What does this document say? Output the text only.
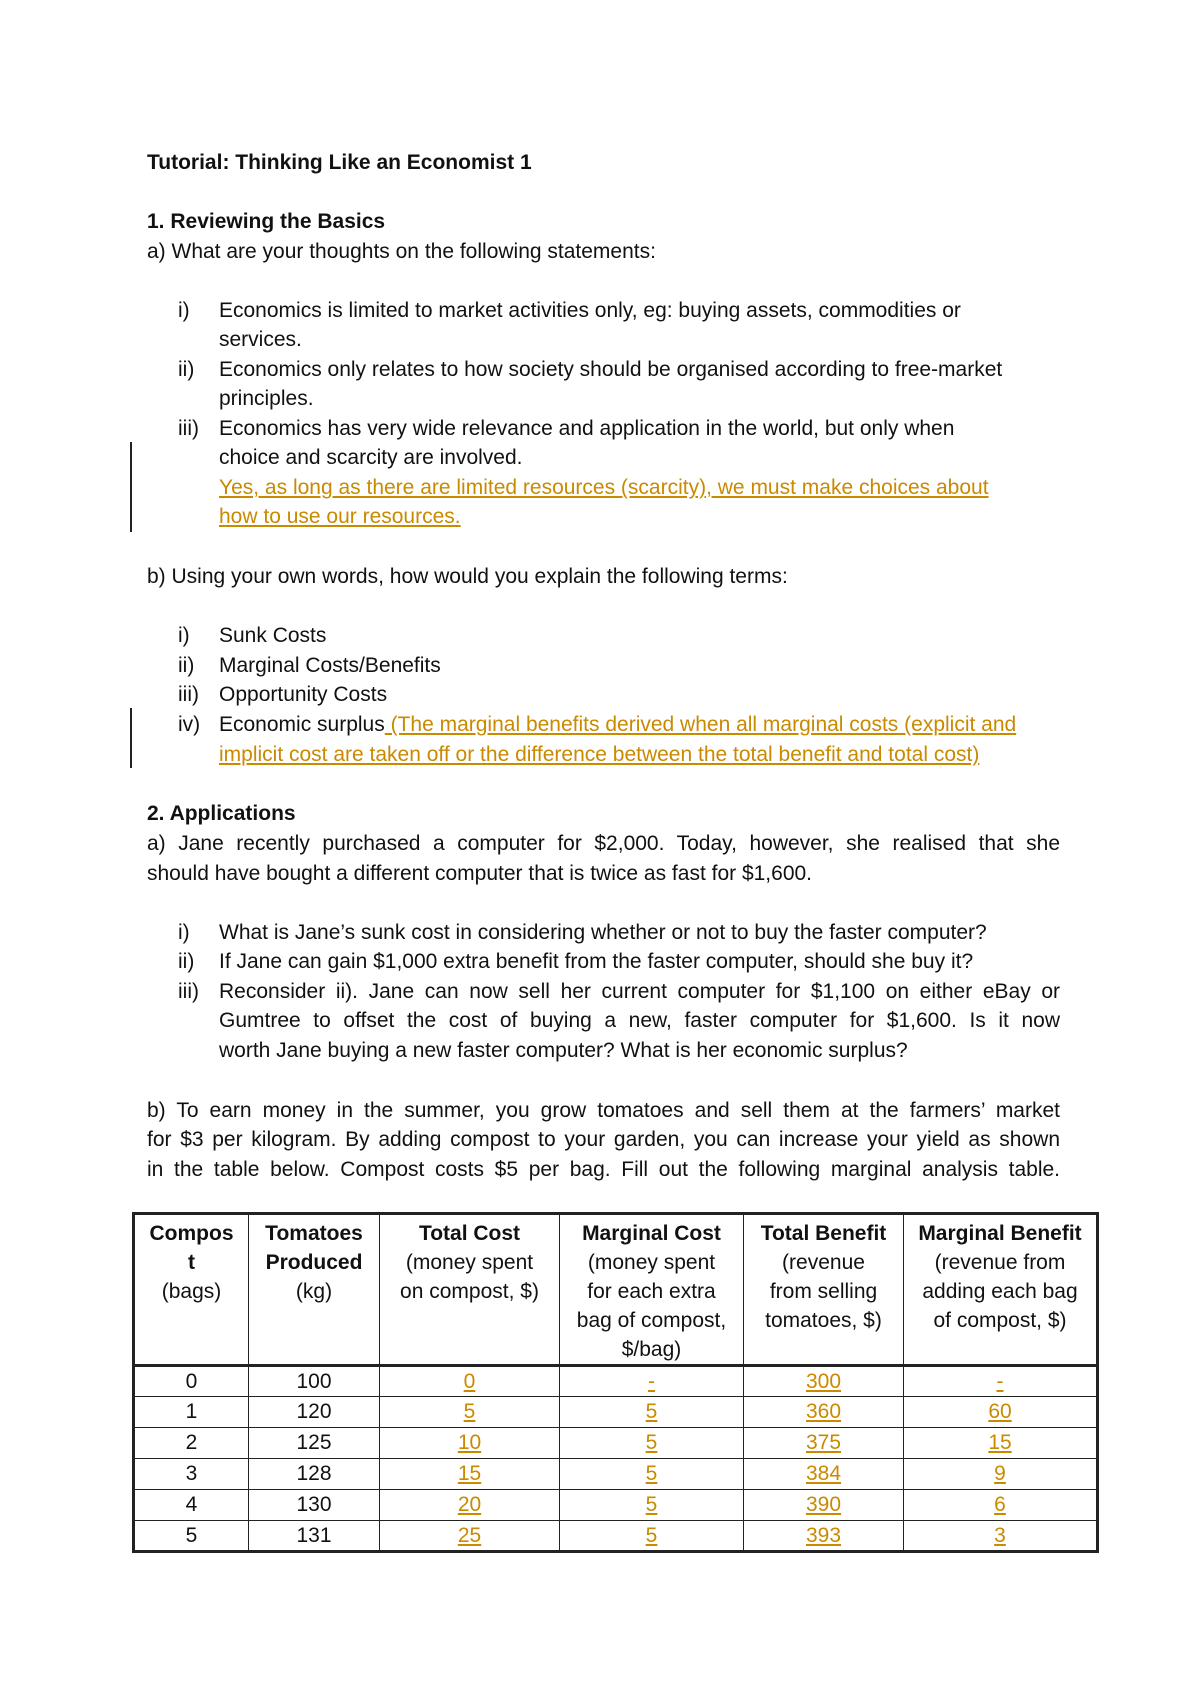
Tutorial: Thinking Like an Economist 1
1. Reviewing the Basics
a) What are your thoughts on the following statements:
i) Economics is limited to market activities only, eg: buying assets, commodities or
services.
ii) Economics only relates to how society should be organised according to free-market
principles.
iii) Economics has very wide relevance and application in the world, but only when
choice and scarcity are involved.
Yes, as long as there are limited resources (scarcity), we must make choices about
how to use our resources.
b) Using your own words, how would you explain the following terms:
i) Sunk Costs
ii) Marginal Costs/Benefits
iii) Opportunity Costs
iv) Economic surplus (The marginal benefits derived when all marginal costs (explicit and
implicit cost are taken off or the difference between the total benefit and total cost)
2. Applications
a) Jane recently purchased a computer for $2,000. Today, however, she realised that she
should have bought a different computer that is twice as fast for $1,600.
i) What is Jane’s sunk cost in considering whether or not to buy the faster computer?
ii) If Jane can gain $1,000 extra benefit from the faster computer, should she buy it?
iii) Reconsider ii). Jane can now sell her current computer for $1,100 on either eBay or
Gumtree to offset the cost of buying a new, faster computer for $1,600. Is it now
worth Jane buying a new faster computer? What is her economic surplus?
b) To earn money in the summer, you grow tomatoes and sell them at the farmers’ market
for $3 per kilogram. By adding compost to your garden, you can increase your yield as shown
in the table below. Compost costs $5 per bag. Fill out the following marginal analysis table.
Compos
t
(bags)	Tomatoes
Produced
(kg)	Total Cost
(money spent
on compost, $)	Marginal Cost
(money spent
for each extra
bag of compost,
$/bag)	Total Benefit
(revenue
from selling
tomatoes, $)	Marginal Benefit
(revenue from
adding each bag
of compost, $)

0	100	0	-	300	-
1	120	5	5	360	60
2	125	10	5	375	15
3	128	15	5	384	9
4	130	20	5	390	6
5	131	25	5	393	3
